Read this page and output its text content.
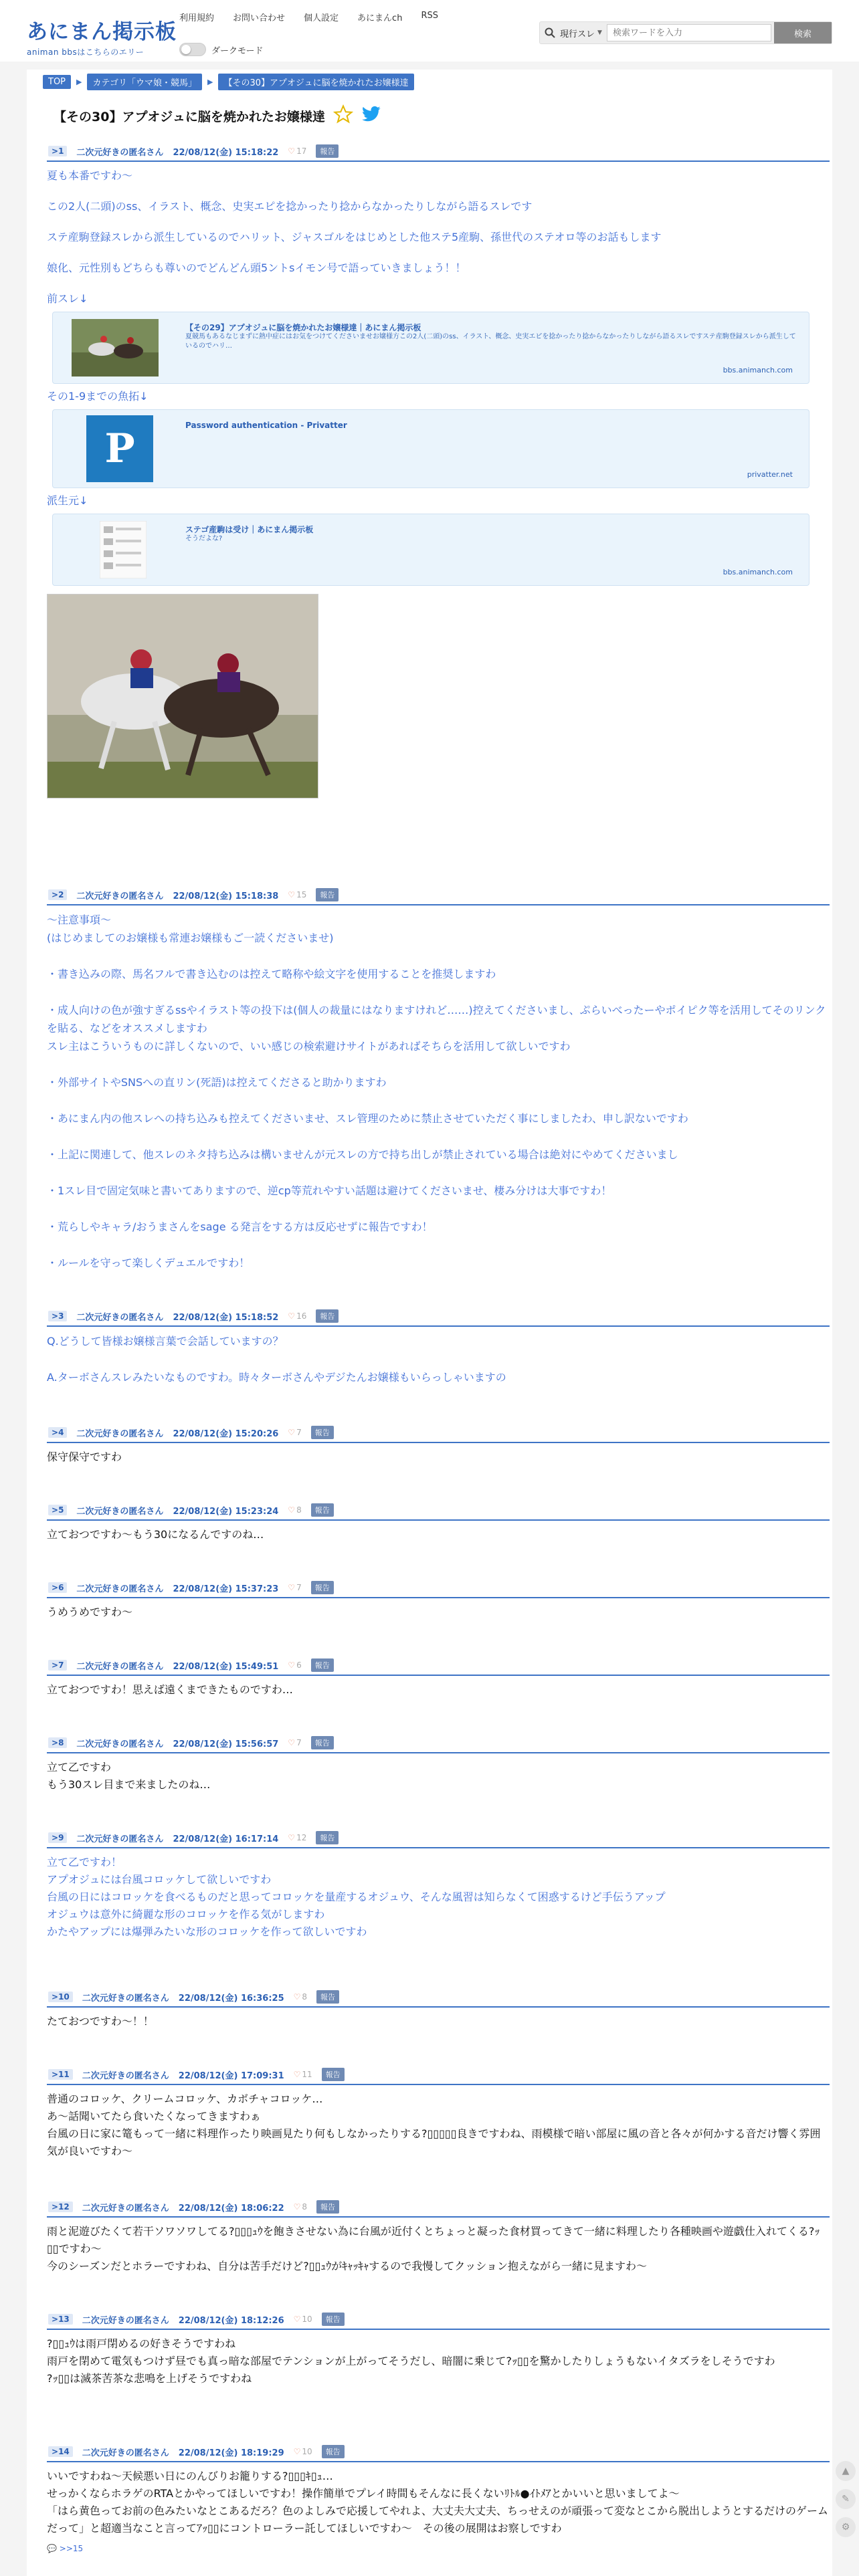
あにまん掲示板
animan bbsはこちらのエリー
利用規約 お問い合わせ 個人設定 あにまんch RSS
ダークモード
現行スレ ▼
検索ワードを入力	検索
TOP	▶	カテゴリ「ウマ娘・競馬」	▶	【その30】アプオジュに脳を焼かれたお嬢様達
【その30】アプオジュに脳を焼かれたお嬢様達
>1	二次元好きの匿名さん 22/08/12(金) 15:18:22 ♡ 17	報告

夏も本番ですわ〜

この2人(二頭)のss、イラスト、概念、史実エピを捻かったり捻からなかったりしながら語るスレです

ステ産駒登録スレから派生しているのでハリット、ジャスゴルをはじめとした他ステ5産駒、孫世代のステオロ等のお話もします

娘化、元性別もどちらも尊いのでどんどん頭5ントsイモン号で語っていきましょう！！

前スレ↓

【その29】アプオジュに脳を焼かれたお嬢様達｜あにまん掲示板
夏競馬もあるなじまずに熱中症にはお気をつけてくださいませお嬢様方この2人(二頭)のss、イラスト、概念、史実エピを捻かったり捻からなかったりしながら語るスレですステ産駒登録スレから派生しているのでハリ…
bbs.animanch.com

その1-9までの魚拓↓

P	Password authentication - Privatter
privatter.net

派生元↓

ステゴ産駒は受け｜あにまん掲示板
そうだよな?
bbs.animanch.com
>2	二次元好きの匿名さん 22/08/12(金) 15:18:38 ♡ 15	報告

〜注意事項〜

(はじめましてのお嬢様も常連お嬢様もご一読くださいませ)

・書き込みの際、馬名フルで書き込むのは控えて略称や絵文字を使用することを推奨しますわ

・成人向けの色が強すぎるssやイラスト等の投下は(個人の裁量にはなりますけれど……)控えてくださいまし、ぷらいべったーやポイピク等を活用してそのリンクを貼る、などをオススメしますわ

スレ主はこういうものに詳しくないので、いい感じの検索避けサイトがあればそちらを活用して欲しいですわ

・外部サイトやSNSへの直リン(死語)は控えてくださると助かりますわ

・あにまん内の他スレへの持ち込みも控えてくださいませ、スレ管理のために禁止させていただく事にしましたわ、申し訳ないですわ

・上記に関連して、他スレのネタ持ち込みは構いませんが元スレの方で持ち出しが禁止されている場合は絶対にやめてくださいまし

・1スレ目で固定気味と書いてありますので、逆cp等荒れやすい話題は避けてくださいませ、棲み分けは大事ですわ！

・荒らしやキャラ/おうまさんをsage る発言をする方は反応せずに報告ですわ！

・ルールを守って楽しくデュエルですわ！

>3	二次元好きの匿名さん 22/08/12(金) 15:18:52 ♡ 16	報告

Q.どうして皆様お嬢様言葉で会話していますの？

A.ターボさんスレみたいなものですわ。時々ターボさんやデジたんお嬢様もいらっしゃいますの

>4	二次元好きの匿名さん 22/08/12(金) 15:20:26 ♡ 7	報告

保守保守ですわ

>5	二次元好きの匿名さん 22/08/12(金) 15:23:24 ♡ 8	報告

立ておつですわ〜もう30になるんですのね…

>6	二次元好きの匿名さん 22/08/12(金) 15:37:23 ♡ 7	報告

うめうめですわ〜

>7	二次元好きの匿名さん 22/08/12(金) 15:49:51 ♡ 6	報告

立ておつですわ！思えば遠くまできたものですわ…

>8	二次元好きの匿名さん 22/08/12(金) 15:56:57 ♡ 7	報告

立て乙ですわ

もう30スレ目まで来ましたのね…

>9	二次元好きの匿名さん 22/08/12(金) 16:17:14 ♡ 12	報告

立て乙ですわ！

アプオジュには台風コロッケして欲しいですわ

台風の日にはコロッケを食べるものだと思ってコロッケを量産するオジュウ、そんな風習は知らなくて困惑するけど手伝うアップ

オジュウは意外に綺麗な形のコロッケを作る気がしますわ

かたやアップには爆弾みたいな形のコロッケを作って欲しいですわ

>10	二次元好きの匿名さん 22/08/12(金) 16:36:25 ♡ 8	報告

たておつですわ〜！！

>11	二次元好きの匿名さん 22/08/12(金) 17:09:31 ♡ 11	報告

普通のコロッケ、クリームコロッケ、カボチャコロッケ…

あ〜話聞いてたら食いたくなってきますわぁ

台風の日に家に篭もって一緒に料理作ったり映画見たり何もしなかったりする?▯▯▯▯▯良きですわね、雨模様で暗い部屋に風の音と各々が何かする音だけ響く雰囲気が良いですわ〜

>12	二次元好きの匿名さん 22/08/12(金) 18:06:22 ♡ 8	報告

雨と泥遊びたくて若干ソワソワしてる?▯▯▯ｭｳを飽きさせない為に台風が近付くとちょっと凝った食材買ってきて一緒に料理したり各種映画や遊戯仕入れてくる?ｯ▯▯ですわ〜

今のシーズンだとホラーですわね、自分は苦手だけど?▯▯ｭｳがｷｬｯｷｬするので我慢してクッション抱えながら一緒に見ますわ〜

>13	二次元好きの匿名さん 22/08/12(金) 18:12:26 ♡ 10	報告

?▯▯ｭｳは雨戸閉めるの好きそうですわね

雨戸を閉めて電気もつけず昼でも真っ暗な部屋でテンションが上がってそうだし、暗闇に乗じて?ｯ▯▯を驚かしたりしょうもないイタズラをしそうですわ

?ｯ▯▯は滅茶苦茶な悲鳴を上げそうですわね

>14	二次元好きの匿名さん 22/08/12(金) 18:19:29 ♡ 10	報告

いいですわね〜天候悪い日にのんびりお籠りする?▯▯▯ｷ▯ｭ…

せっかくならホラゲのRTAとかやってほしいですわ！操作簡単でプレイ時間もそんなに長くないﾘﾄﾙ●ｲﾄﾒｱとかいいと思いましてよ〜

「はら黄色ってお前の色みたいなとこあるだろ？色のよしみで応援してやれよ、大丈夫大丈夫、ちっせえのが頑張って変なとこから脱出しようとするだけのゲームだって」と超適当なこと言ってｱｯ▯▯にコントローラー託してほしいですわ〜　その後の展開はお察しですわ

💬 >>15
▲
✎
⚙
